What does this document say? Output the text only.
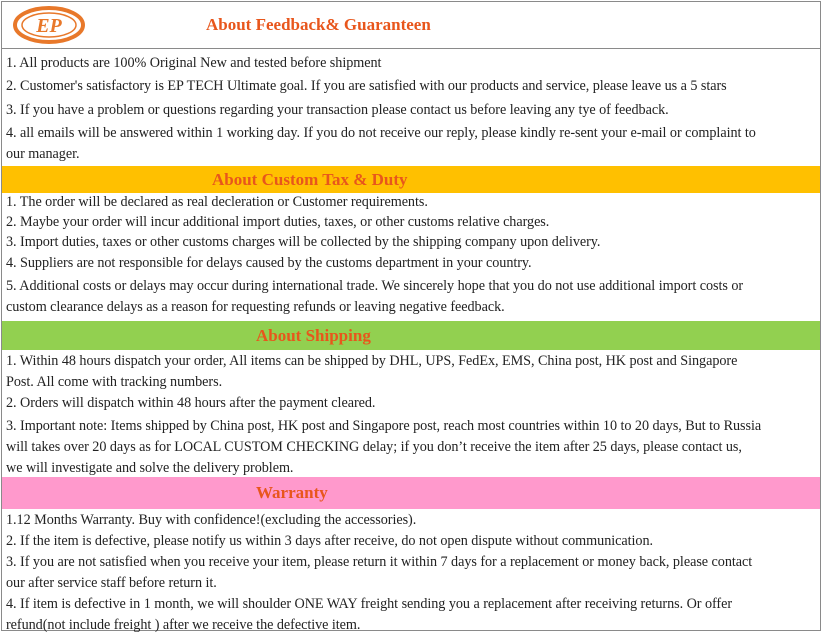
EP	About Feedback& Guaranteen
1. All products are 100% Original New and tested before shipment
2. Customer's satisfactory is EP TECH Ultimate goal. If you are satisfied with our products and service, please leave us a 5 stars
3. If you have a problem or questions regarding your transaction please contact us before leaving any tye of feedback.
4. all emails will be answered within 1 working day. If you do not receive our reply, please kindly re-sent your e-mail or complaint to
our manager.
About Custom Tax & Duty
1. The order will be declared as real decleration or Customer requirements.
2. Maybe your order will incur additional import duties, taxes, or other customs relative charges.
3. Import duties, taxes or other customs charges will be collected by the shipping company upon delivery.
4. Suppliers are not responsible for delays caused by the customs department in your country.
5. Additional costs or delays may occur during international trade. We sincerely hope that you do not use additional import costs or
custom clearance delays as a reason for requesting refunds or leaving negative feedback.
About Shipping
1. Within 48 hours dispatch your order, All items can be shipped by DHL, UPS, FedEx, EMS, China post, HK post and Singapore
Post. All come with tracking numbers.
2. Orders will dispatch within 48 hours after the payment cleared.
3. Important note: Items shipped by China post, HK post and Singapore post, reach most countries within 10 to 20 days, But to Russia
will takes over 20 days as for LOCAL CUSTOM CHECKING delay; if you don’t receive the item after 25 days, please contact us,
we will investigate and solve the delivery problem.
Warranty
1.12 Months Warranty. Buy with confidence!(excluding the accessories).
2. If the item is defective, please notify us within 3 days after receive, do not open dispute without communication.
3. If you are not satisfied when you receive your item, please return it within 7 days for a replacement or money back, please contact
our after service staff before return it.
4. If item is defective in 1 month, we will shoulder ONE WAY freight sending you a replacement after receiving returns. Or offer
refund(not include freight ) after we receive the defective item.
